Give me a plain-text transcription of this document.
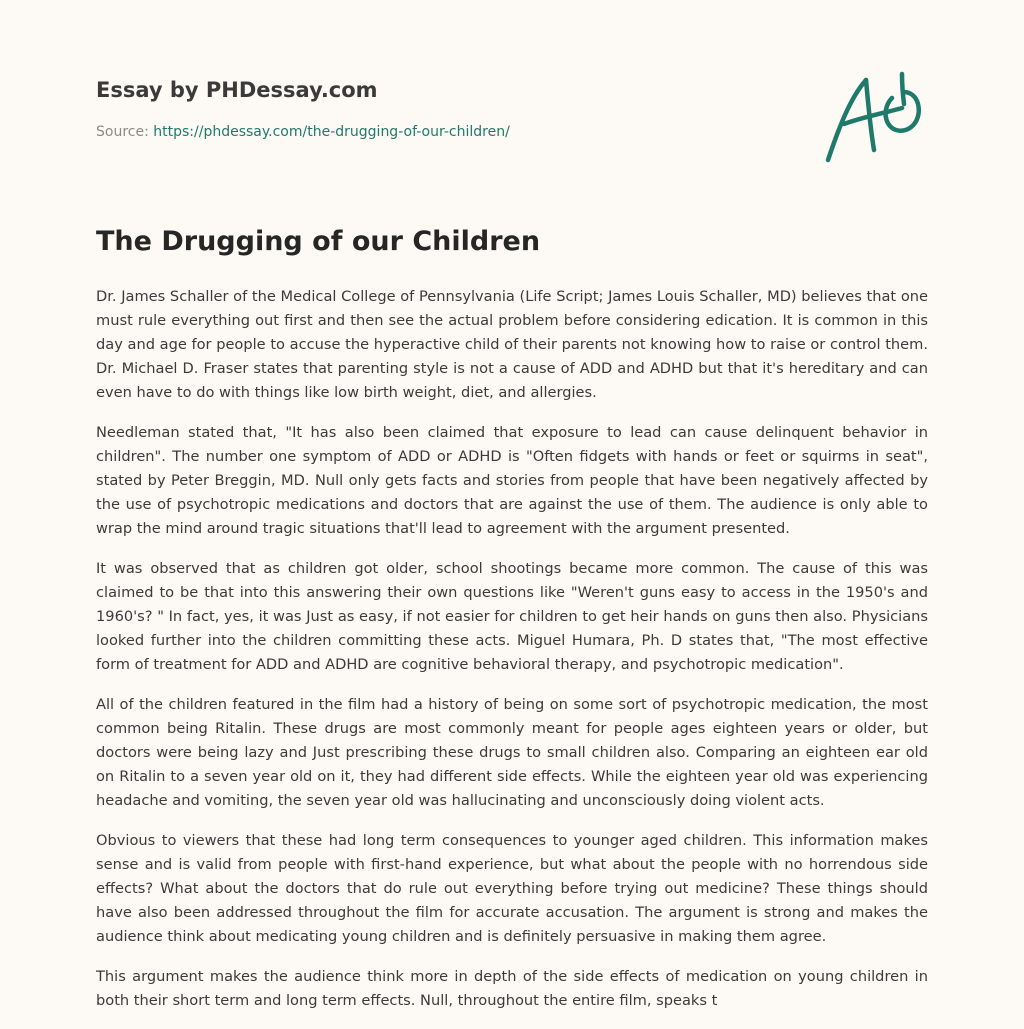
Essay by PHDessay.com
Source: https://phdessay.com/the-drugging-of-our-children/
The Drugging of our Children

Dr. James Schaller of the Medical College of Pennsylvania (Life Script; James Louis Schaller, MD) believes that one must rule everything out first and then see the actual problem before considering edication. It is common in this day and age for people to accuse the hyperactive child of their parents not knowing how to raise or control them. Dr. Michael D. Fraser states that parenting style is not a cause of ADD and ADHD but that it's hereditary and can even have to do with things like low birth weight, diet, and allergies.

Needleman stated that, "It has also been claimed that exposure to lead can cause delinquent behavior in children". The number one symptom of ADD or ADHD is "Often fidgets with hands or feet or squirms in seat", stated by Peter Breggin, MD. Null only gets facts and stories from people that have been negatively affected by the use of psychotropic medications and doctors that are against the use of them. The audience is only able to wrap the mind around tragic situations that'll lead to agreement with the argument presented.

It was observed that as children got older, school shootings became more common. The cause of this was claimed to be that into this answering their own questions like "Weren't guns easy to access in the 1950's and 1960's? " In fact, yes, it was Just as easy, if not easier for children to get heir hands on guns then also. Physicians looked further into the children committing these acts. Miguel Humara, Ph. D states that, "The most effective form of treatment for ADD and ADHD are cognitive behavioral therapy, and psychotropic medication".

All of the children featured in the film had a history of being on some sort of psychotropic medication, the most common being Ritalin. These drugs are most commonly meant for people ages eighteen years or older, but doctors were being lazy and Just prescribing these drugs to small children also. Comparing an eighteen ear old on Ritalin to a seven year old on it, they had different side effects. While the eighteen year old was experiencing headache and vomiting, the seven year old was hallucinating and unconsciously doing violent acts.

Obvious to viewers that these had long term consequences to younger aged children. This information makes sense and is valid from people with first-hand experience, but what about the people with no horrendous side effects? What about the doctors that do rule out everything before trying out medicine? These things should have also been addressed throughout the film for accurate accusation. The argument is strong and makes the audience think about medicating young children and is definitely persuasive in making them agree.

This argument makes the audience think more in depth of the side effects of medication on young children in both their short term and long term effects. Null, throughout the entire film, speaks t
